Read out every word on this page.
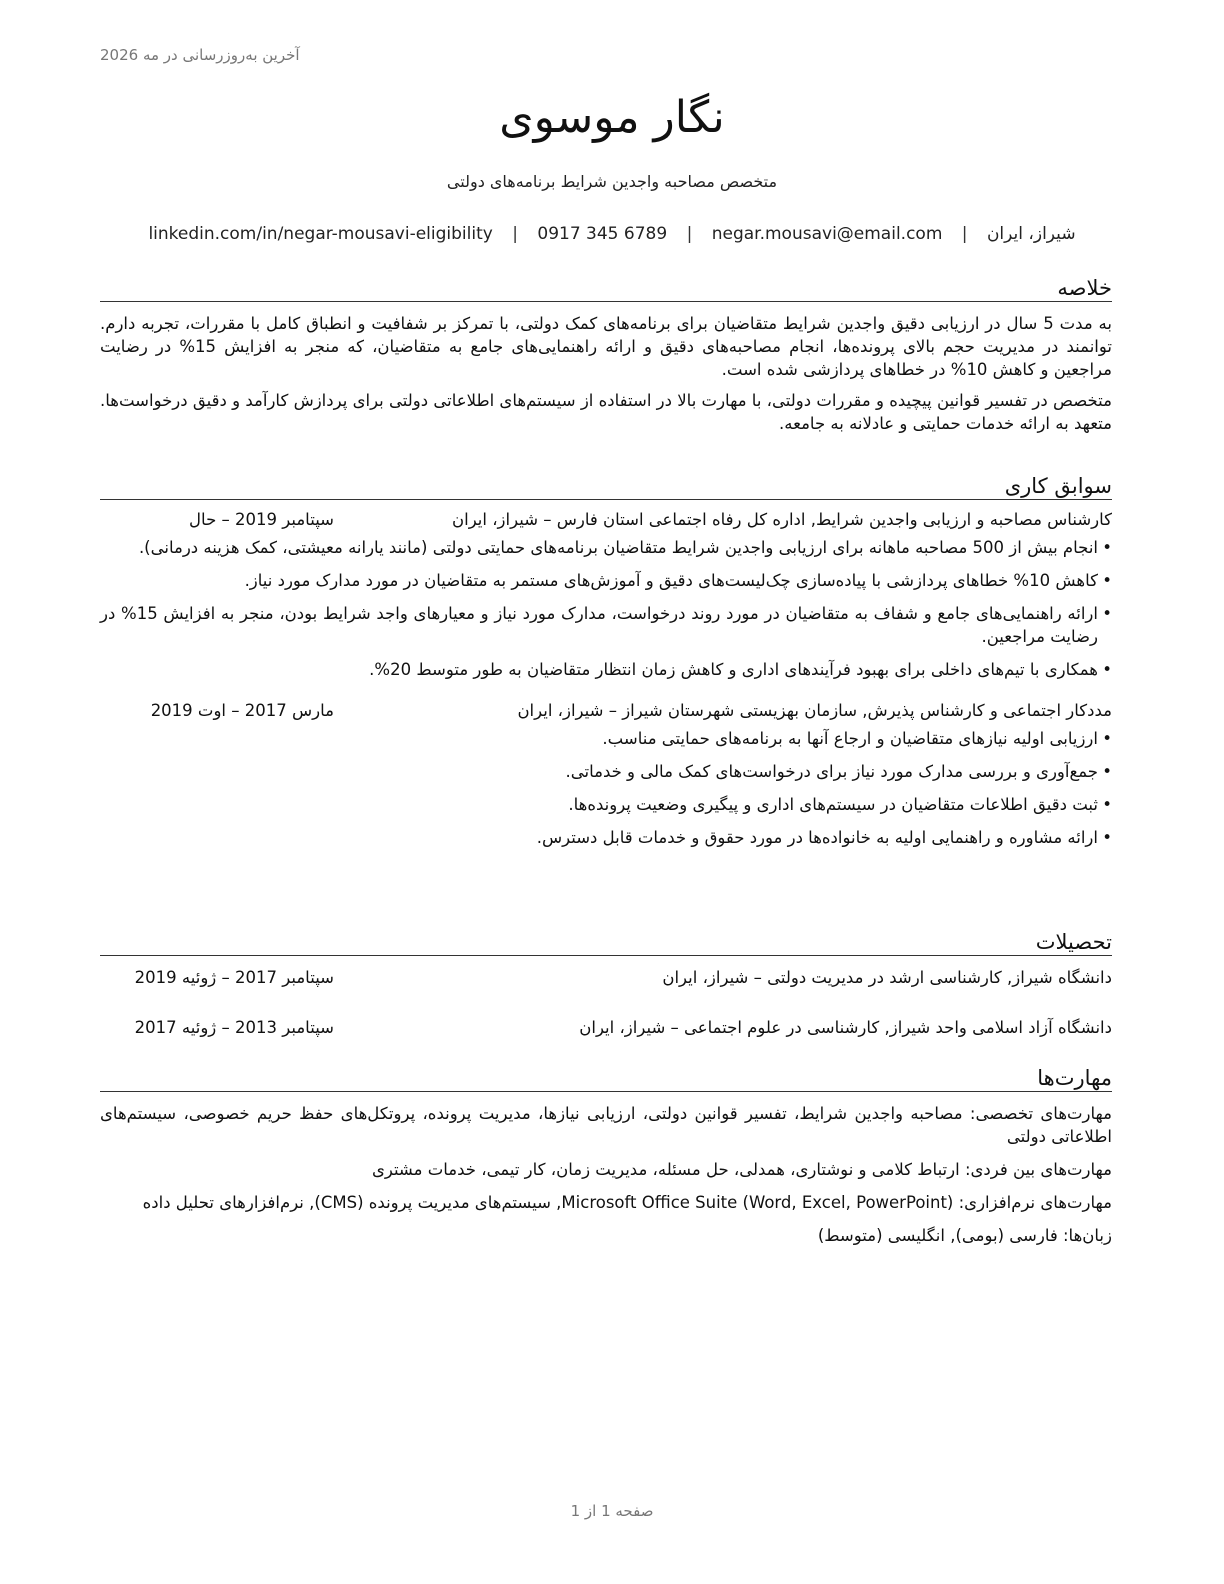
آخرین به‌روزرسانی در مه 2026
نگار موسوی
متخصص مصاحبه واجدین شرایط برنامه‌های دولتی
شیراز، ایران | negar.mousavi@email.com | 0917 345 6789 | linkedin.com/in/negar-mousavi-eligibility
خلاصه

به مدت 5 سال در ارزیابی دقیق واجدین شرایط متقاضیان برای برنامه‌های کمک دولتی، با تمرکز بر شفافیت و انطباق کامل با مقررات، تجربه دارم. توانمند در مدیریت حجم بالای پرونده‌ها، انجام مصاحبه‌های دقیق و ارائه راهنمایی‌های جامع به متقاضیان، که منجر به افزایش 15% در رضایت مراجعین و کاهش 10% در خطاهای پردازشی شده است.

متخصص در تفسیر قوانین پیچیده و مقررات دولتی، با مهارت بالا در استفاده از سیستم‌های اطلاعاتی دولتی برای پردازش کارآمد و دقیق درخواست‌ها. متعهد به ارائه خدمات حمایتی و عادلانه به جامعه.

سوابق کاری
کارشناس مصاحبه و ارزیابی واجدین شرایط, اداره کل رفاه اجتماعی استان فارس – شیراز، ایران
سپتامبر 2019 – حال
•
انجام بیش از 500 مصاحبه ماهانه برای ارزیابی واجدین شرایط متقاضیان برنامه‌های حمایتی دولتی (مانند یارانه معیشتی، کمک هزینه درمانی).
•
کاهش 10% خطاهای پردازشی با پیاده‌سازی چک‌لیست‌های دقیق و آموزش‌های مستمر به متقاضیان در مورد مدارک مورد نیاز.
•
ارائه راهنمایی‌های جامع و شفاف به متقاضیان در مورد روند درخواست، مدارک مورد نیاز و معیارهای واجد شرایط بودن، منجر به افزایش 15% در رضایت مراجعین.
•
همکاری با تیم‌های داخلی برای بهبود فرآیندهای اداری و کاهش زمان انتظار متقاضیان به طور متوسط 20%.
مددکار اجتماعی و کارشناس پذیرش, سازمان بهزیستی شهرستان شیراز – شیراز، ایران
مارس 2017 – اوت 2019
•
ارزیابی اولیه نیازهای متقاضیان و ارجاع آنها به برنامه‌های حمایتی مناسب.
•
جمع‌آوری و بررسی مدارک مورد نیاز برای درخواست‌های کمک مالی و خدماتی.
•
ثبت دقیق اطلاعات متقاضیان در سیستم‌های اداری و پیگیری وضعیت پرونده‌ها.
•
ارائه مشاوره و راهنمایی اولیه به خانواده‌ها در مورد حقوق و خدمات قابل دسترس.
تحصیلات
دانشگاه شیراز, کارشناسی ارشد در مدیریت دولتی – شیراز، ایران
سپتامبر 2017 – ژوئیه 2019
دانشگاه آزاد اسلامی واحد شیراز, کارشناسی در علوم اجتماعی – شیراز، ایران
سپتامبر 2013 – ژوئیه 2017
مهارت‌ها

مهارت‌های تخصصی: مصاحبه واجدین شرایط، تفسیر قوانین دولتی، ارزیابی نیازها، مدیریت پرونده، پروتکل‌های حفظ حریم خصوصی، سیستم‌های اطلاعاتی دولتی

مهارت‌های بین فردی: ارتباط کلامی و نوشتاری، همدلی، حل مسئله، مدیریت زمان، کار تیمی، خدمات مشتری

مهارت‌های نرم‌افزاری: Microsoft Office Suite (Word, Excel, PowerPoint), سیستم‌های مدیریت پرونده (CMS), نرم‌افزارهای تحلیل داده

زبان‌ها: فارسی (بومی), انگلیسی (متوسط)

صفحه 1 از 1
